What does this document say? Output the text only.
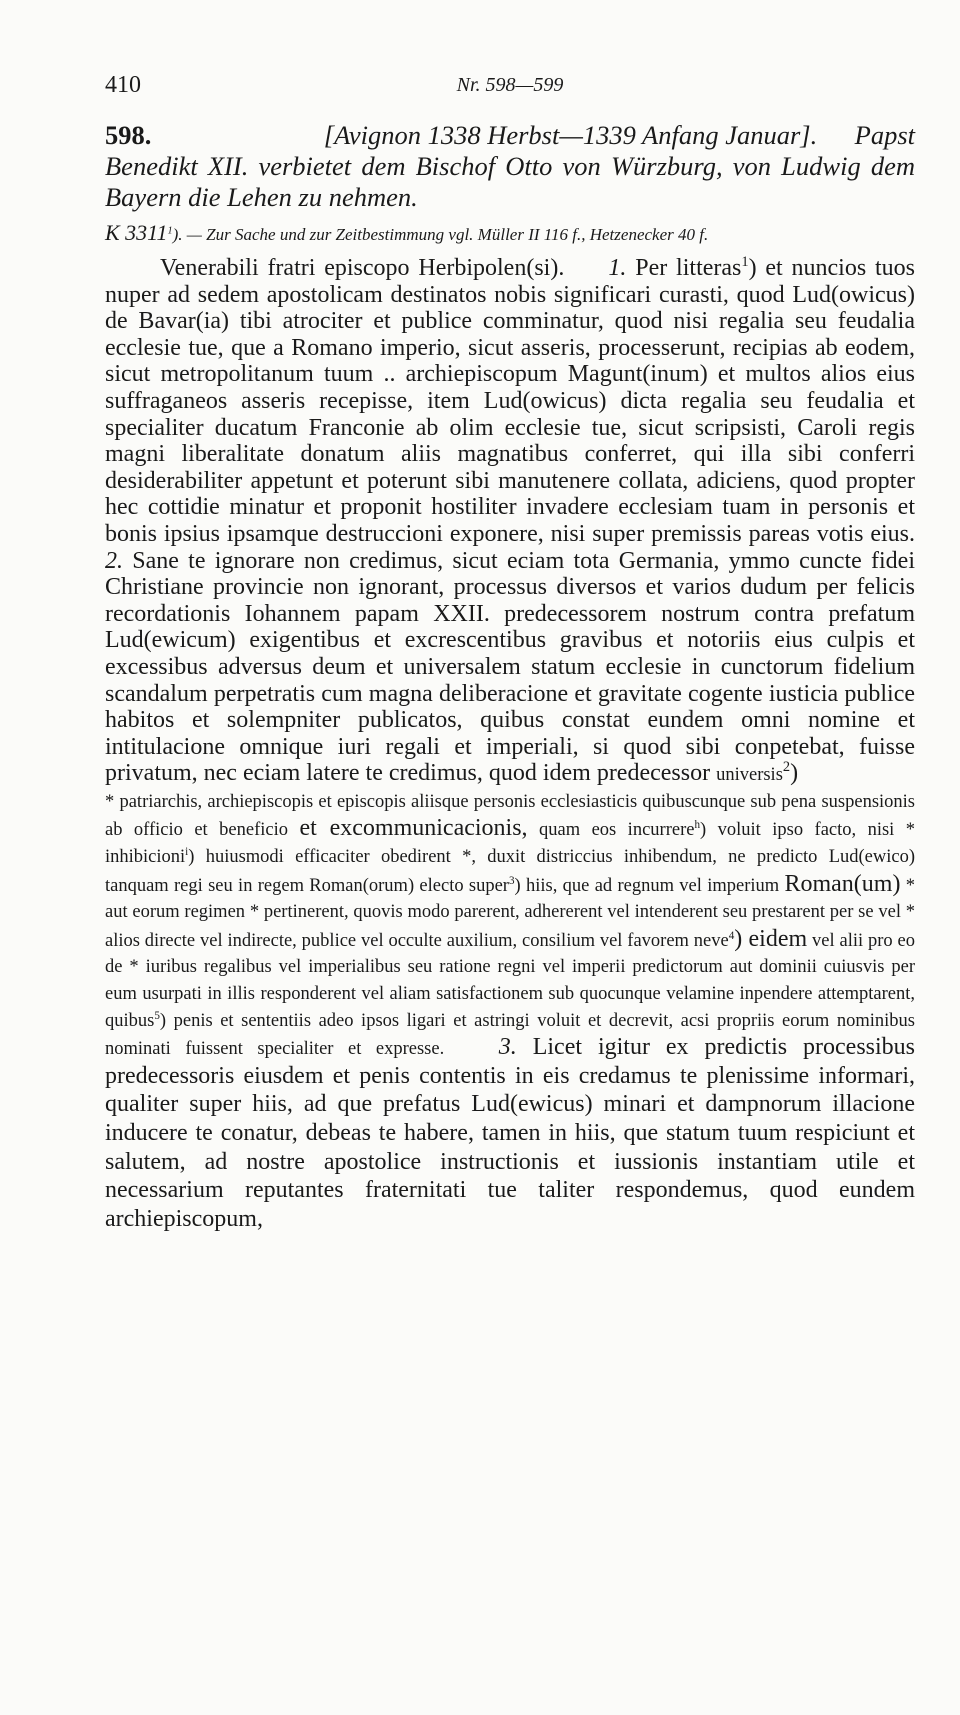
410	Nr. 598—599
598.	[Avignon 1338 Herbst—1339 Anfang Januar]. Papst Benedikt XII. verbietet dem Bischof Otto von Würzburg, von Ludwig dem Bayern die Lehen zu nehmen.
K 3311$^1$). — Zur Sache und zur Zeitbestimmung vgl. Müller II 116 f., Hetzenecker 40 f.
Venerabili fratri episcopo Herbipolen(si). 1. Per litteras$^1$) et nuncios tuos nuper ad sedem apostolicam destinatos nobis significari curasti, quod Lud(owicus) de Bavar(ia) tibi atrociter et publice comminatur, quod nisi regalia seu feudalia ecclesie tue, que a Romano imperio, sicut asseris, processerunt, recipias ab eodem, sicut metropolitanum tuum .. archiepiscopum Magunt(inum) et multos alios eius suffraganeos asseris recepisse, item Lud(owicus) dicta regalia seu feudalia et specialiter ducatum Franconie ab olim ecclesie tue, sicut scripsisti, Caroli regis magni liberalitate donatum aliis magnatibus conferret, qui illa sibi conferri desiderabiliter appetunt et poterunt sibi manutenere collata, adiciens, quod propter hec cottidie minatur et proponit hostiliter invadere ecclesiam tuam in personis et bonis ipsius ipsamque destruccioni exponere, nisi super premissis pareas votis eius. 2. Sane te ignorare non credimus, sicut eciam tota Germania, ymmo cuncte fidei Christiane provincie non ignorant, processus diversos et varios dudum per felicis recordationis Iohannem papam XXII. predecessorem nostrum contra prefatum Lud(ewicum) exigentibus et excrescentibus gravibus et notoriis eius culpis et excessibus adversus deum et universalem statum ecclesie in cunctorum fidelium scandalum perpetratis cum magna deliberacione et gravitate cogente iusticia publice habitos et solempniter publicatos, quibus constat eundem omni nomine et intitulacione omnique iuri regali et imperiali, si quod sibi conpetebat, fuisse privatum, nec eciam latere te credimus, quod idem predecessor universis$^2$)
* patriarchis, archiepiscopis et episcopis aliisque personis ecclesiasticis quibuscunque sub pena suspensionis ab officio et beneficio et excommunicacionis, quam eos incurrere$^h$) voluit ipso facto, nisi * inhibicioni$^i$) huiusmodi efficaciter obedirent *, duxit districcius inhibendum, ne predicto Lud(ewico) tanquam regi seu in regem Roman(orum) electo super$^3$) hiis, que ad regnum vel imperium Roman(um) * aut eorum regimen * pertinerent, quovis modo parerent, adhererent vel intenderent seu prestarent per se vel * alios directe vel indirecte, publice vel occulte auxilium, consilium vel favorem neve$^4$) eidem vel alii pro eo de * iuribus regalibus vel imperialibus seu ratione regni vel imperii predictorum aut dominii cuiusvis per eum usurpati in illis responderent vel aliam satisfactionem sub quocunque velamine inpendere attemptarent, quibus$^5$) penis et sententiis adeo ipsos ligari et astringi voluit et decrevit, acsi propriis eorum nominibus nominati fuissent specialiter et expresse. 3. Licet igitur ex predictis processibus predecessoris eiusdem et penis contentis in eis credamus te plenissime informari, qualiter super hiis, ad que prefatus Lud(ewicus) minari et dampnorum illacione inducere te conatur, debeas te habere, tamen in hiis, que statum tuum respiciunt et salutem, ad nostre apostolice instructionis et iussionis instantiam utile et necessarium reputantes fraternitati tue taliter respondemus, quod eundem archiepiscopum,
